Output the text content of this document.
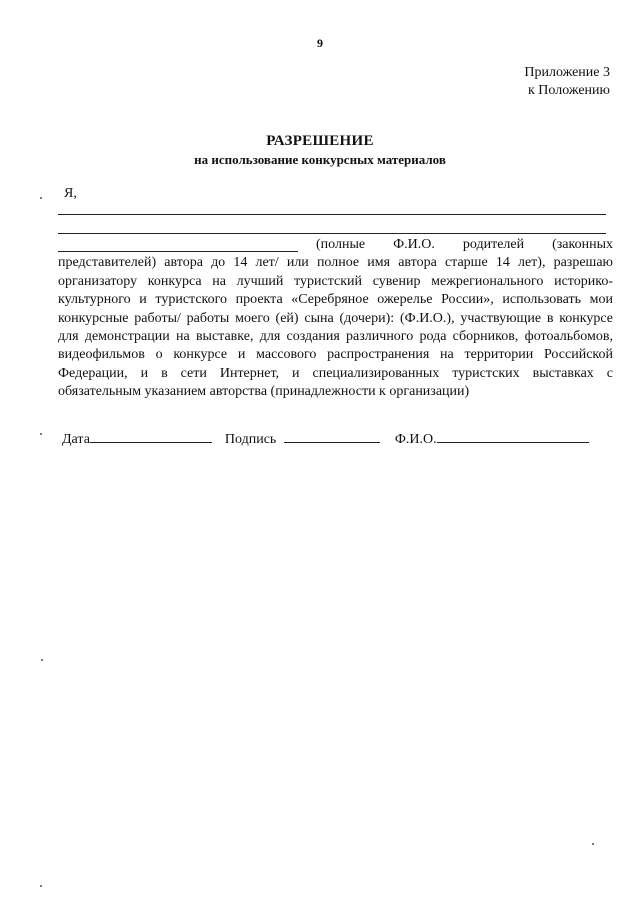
9
Приложение 3
к Положению
РАЗРЕШЕНИЕ
на использование конкурсных материалов
Я,
(полные Ф.И.О. родителей (законных представителей) автора до 14 лет/ или полное имя автора старше 14 лет), разрешаю организатору конкурса на лучший туристский сувенир межрегионального историко-культурного и туристского проекта «Серебряное ожерелье России», использовать мои конкурсные работы/ работы моего (ей) сына (дочери): (Ф.И.О.), участвующие в конкурсе для демонстрации на выставке, для создания различного рода сборников, фотоальбомов, видеофильмов о конкурсе и массового распространения на территории Российской Федерации, и в сети Интернет, и специализированных туристских выставках с обязательным указанием авторства (принадлежности к организации)
Дата	Подпись	Ф.И.О.
